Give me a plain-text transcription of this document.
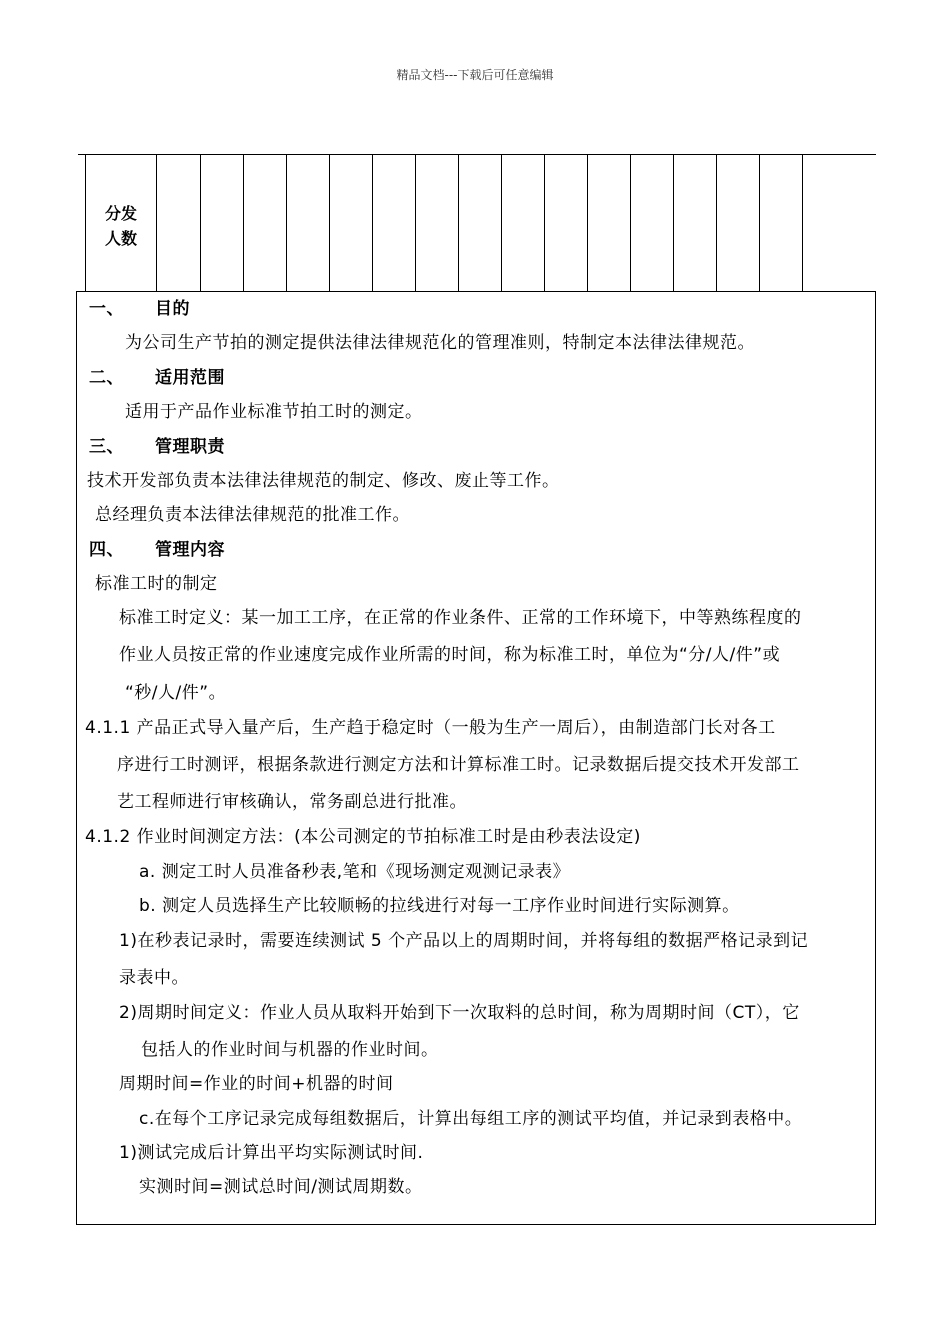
精品文档---下载后可任意编辑
分发
人数
一、 目的
为公司生产节拍的测定提供法律法律规范化的管理准则，特制定本法律法律规范。
二、 适用范围
适用于产品作业标准节拍工时的测定。
三、 管理职责
技术开发部负责本法律法律规范的制定、修改、废止等工作。
总经理负责本法律法律规范的批准工作。
四、 管理内容
标准工时的制定
标准工时定义：某一加工工序，在正常的作业条件、正常的工作环境下，中等熟练程度的
作业人员按正常的作业速度完成作业所需的时间，称为标准工时，单位为“分/人/件”或
“秒/人/件”。
4.1.1 产品正式导入量产后，生产趋于稳定时（一般为生产一周后），由制造部门长对各工
序进行工时测评，根据条款进行测定方法和计算标准工时。记录数据后提交技术开发部工
艺工程师进行审核确认，常务副总进行批准。
4.1.2 作业时间测定方法：(本公司测定的节拍标准工时是由秒表法设定)
a. 测定工时人员准备秒表,笔和《现场测定观测记录表》
b. 测定人员选择生产比较顺畅的拉线进行对每一工序作业时间进行实际测算。
1)在秒表记录时，需要连续测试 5 个产品以上的周期时间，并将每组的数据严格记录到记
录表中。
2)周期时间定义：作业人员从取料开始到下一次取料的总时间，称为周期时间（CT），它
包括人的作业时间与机器的作业时间。
周期时间=作业的时间+机器的时间
c.在每个工序记录完成每组数据后，计算出每组工序的测试平均值，并记录到表格中。
1)测试完成后计算出平均实际测试时间.
实测时间=测试总时间/测试周期数。
